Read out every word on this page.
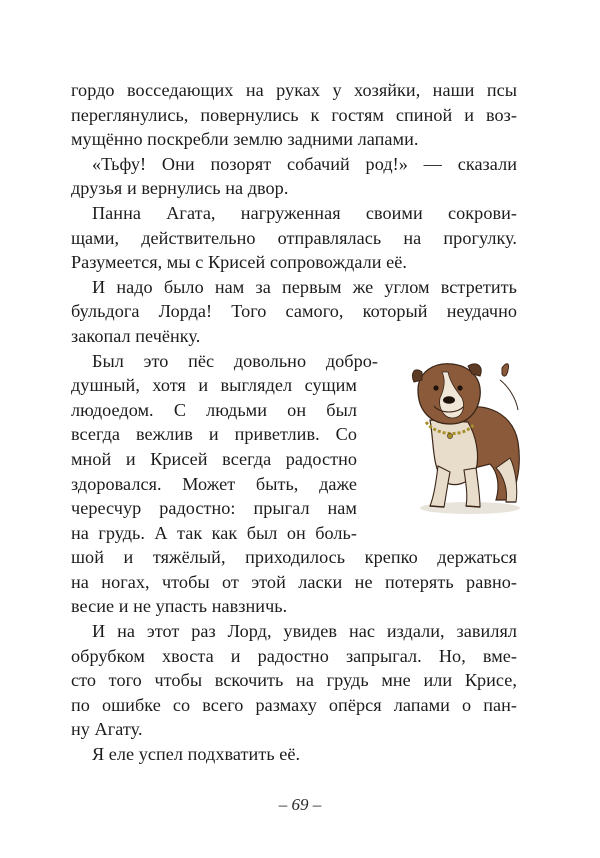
гордо восседающих на руках у хозяйки, наши псы
переглянулись, повернулись к гостям спиной и воз-
мущённо поскребли землю задними лапами.

«Тьфу! Они позорят собачий род!» — сказали
друзья и вернулись на двор.

Панна Агата, нагруженная своими сокрови-
щами, действительно отправлялась на прогулку.
Разумеется, мы с Крисей сопровождали её.

И надо было нам за первым же углом встретить
бульдога Лорда! Того самого, который неудачно
закопал печёнку.

Был это пёс довольно добро-
душный, хотя и выглядел сущим
людоедом. С людьми он был
всегда вежлив и приветлив. Со
мной и Крисей всегда радостно
здоровался. Может быть, даже
чересчур радостно: прыгал нам
на грудь. А так как был он боль-
шой и тяжёлый, приходилось крепко держаться
на ногах, чтобы от этой ласки не потерять равно-
весие и не упасть навзничь.

И на этот раз Лорд, увидев нас издали, завилял
обрубком хвоста и радостно запрыгал. Но, вме-
сто того чтобы вскочить на грудь мне или Крисе,
по ошибке со всего размаху опёрся лапами о пан-
ну Агату.

Я еле успел подхватить её.

– 69 –
